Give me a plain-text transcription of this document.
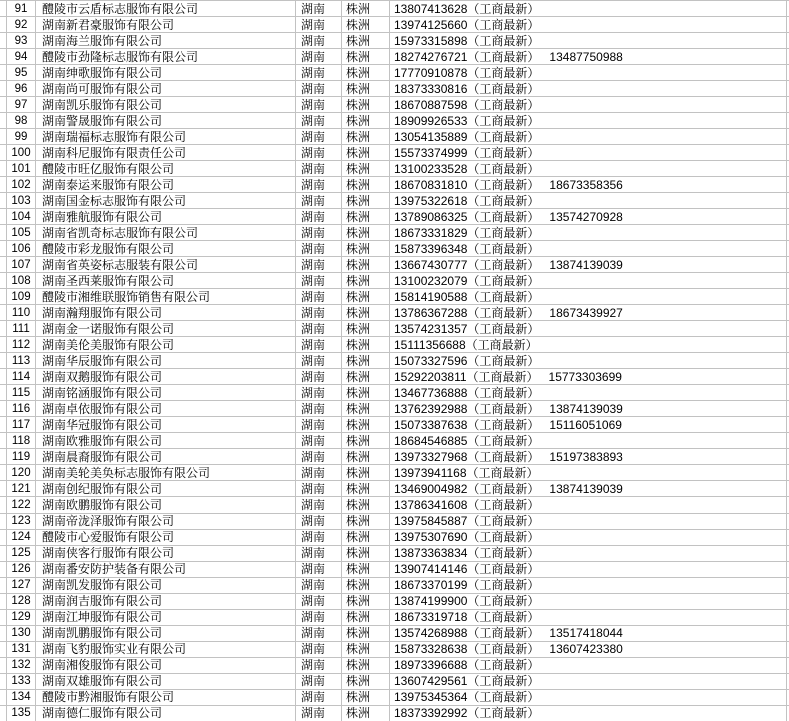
91	醴陵市云盾标志服饰有限公司	湖南	株洲	13807413628（工商最新）
92	湖南新君豪服饰有限公司	湖南	株洲	13974125660（工商最新）
93	湖南海兰服饰有限公司	湖南	株洲	15973315898（工商最新）
94	醴陵市劲隆标志服饰有限公司	湖南	株洲	18274276721（工商最新） 13487750988
95	湖南绅歌服饰有限公司	湖南	株洲	17770910878（工商最新）
96	湖南尚可服饰有限公司	湖南	株洲	18373330816（工商最新）
97	湖南凯乐服饰有限公司	湖南	株洲	18670887598（工商最新）
98	湖南警晟服饰有限公司	湖南	株洲	18909926533（工商最新）
99	湖南瑞福标志服饰有限公司	湖南	株洲	13054135889（工商最新）
100 湖南科尼服饰有限责任公司	湖南	株洲	15573374999（工商最新）
101 醴陵市旺亿服饰有限公司	湖南	株洲	13100233528（工商最新）
102 湖南泰运来服饰有限公司	湖南	株洲	18670831810（工商最新） 18673358356
103 湖南国金标志服饰有限公司	湖南	株洲	13975322618（工商最新）
104 湖南雅航服饰有限公司	湖南	株洲	13789086325（工商最新） 13574270928
105 湖南省凯奇标志服饰有限公司	湖南	株洲	18673331829（工商最新）
106 醴陵市彩龙服饰有限公司	湖南	株洲	15873396348（工商最新）
107 湖南省英姿标志服装有限公司	湖南	株洲	13667430777（工商最新） 13874139039
108 湖南圣西莱服饰有限公司	湖南	株洲	13100232079（工商最新）
109 醴陵市湘维联服饰销售有限公司	湖南	株洲	15814190588（工商最新）
110 湖南瀚翔服饰有限公司	湖南	株洲	13786367288（工商最新） 18673439927
111	湖南金一诺服饰有限公司	湖南	株洲	13574231357（工商最新）
112 湖南美伦美服饰有限公司	湖南	株洲	15111356688（工商最新）
113 湖南华辰服饰有限公司	湖南	株洲	15073327596（工商最新）
114 湖南双鹅服饰有限公司	湖南	株洲	15292203811（工商最新） 15773303699
115 湖南铭涵服饰有限公司	湖南	株洲	13467736888（工商最新）
116 湖南卓依服饰有限公司	湖南	株洲	13762392988（工商最新） 13874139039
117 湖南华冠服饰有限公司	湖南	株洲	15073387638（工商最新） 15116051069
118 湖南欧雅服饰有限公司	湖南	株洲	18684546885（工商最新）
119 湖南晨裔服饰有限公司	湖南	株洲	13973327968（工商最新） 15197383893
120 湖南美轮美奂标志服饰有限公司	湖南	株洲	13973941168（工商最新）
121 湖南创纪服饰有限公司	湖南	株洲	13469004982（工商最新） 13874139039
122 湖南欧鹏服饰有限公司	湖南	株洲	13786341608（工商最新）
123 湖南帝泷泽服饰有限公司	湖南	株洲	13975845887（工商最新）
124 醴陵市心爱服饰有限公司	湖南	株洲	13975307690（工商最新）
125 湖南侠客行服饰有限公司	湖南	株洲	13873363834（工商最新）
126 湖南番安防护装备有限公司	湖南	株洲	13907414146（工商最新）
127 湖南凯发服饰有限公司	湖南	株洲	18673370199（工商最新）
128 湖南润吉服饰有限公司	湖南	株洲	13874199900（工商最新）
129 湖南江坤服饰有限公司	湖南	株洲	18673319718（工商最新）
130 湖南凯鹏服饰有限公司	湖南	株洲	13574268988（工商最新） 13517418044
131 湖南飞豹服饰实业有限公司	湖南	株洲	15873328638（工商最新） 13607423380
132 湖南湘俊服饰有限公司	湖南	株洲	18973396688（工商最新）
133 湖南双雄服饰有限公司	湖南	株洲	13607429561（工商最新）
134 醴陵市黔湘服饰有限公司	湖南	株洲	13975345364（工商最新）
135 湖南德仁服饰有限公司	湖南	株洲	18373392992（工商最新）
